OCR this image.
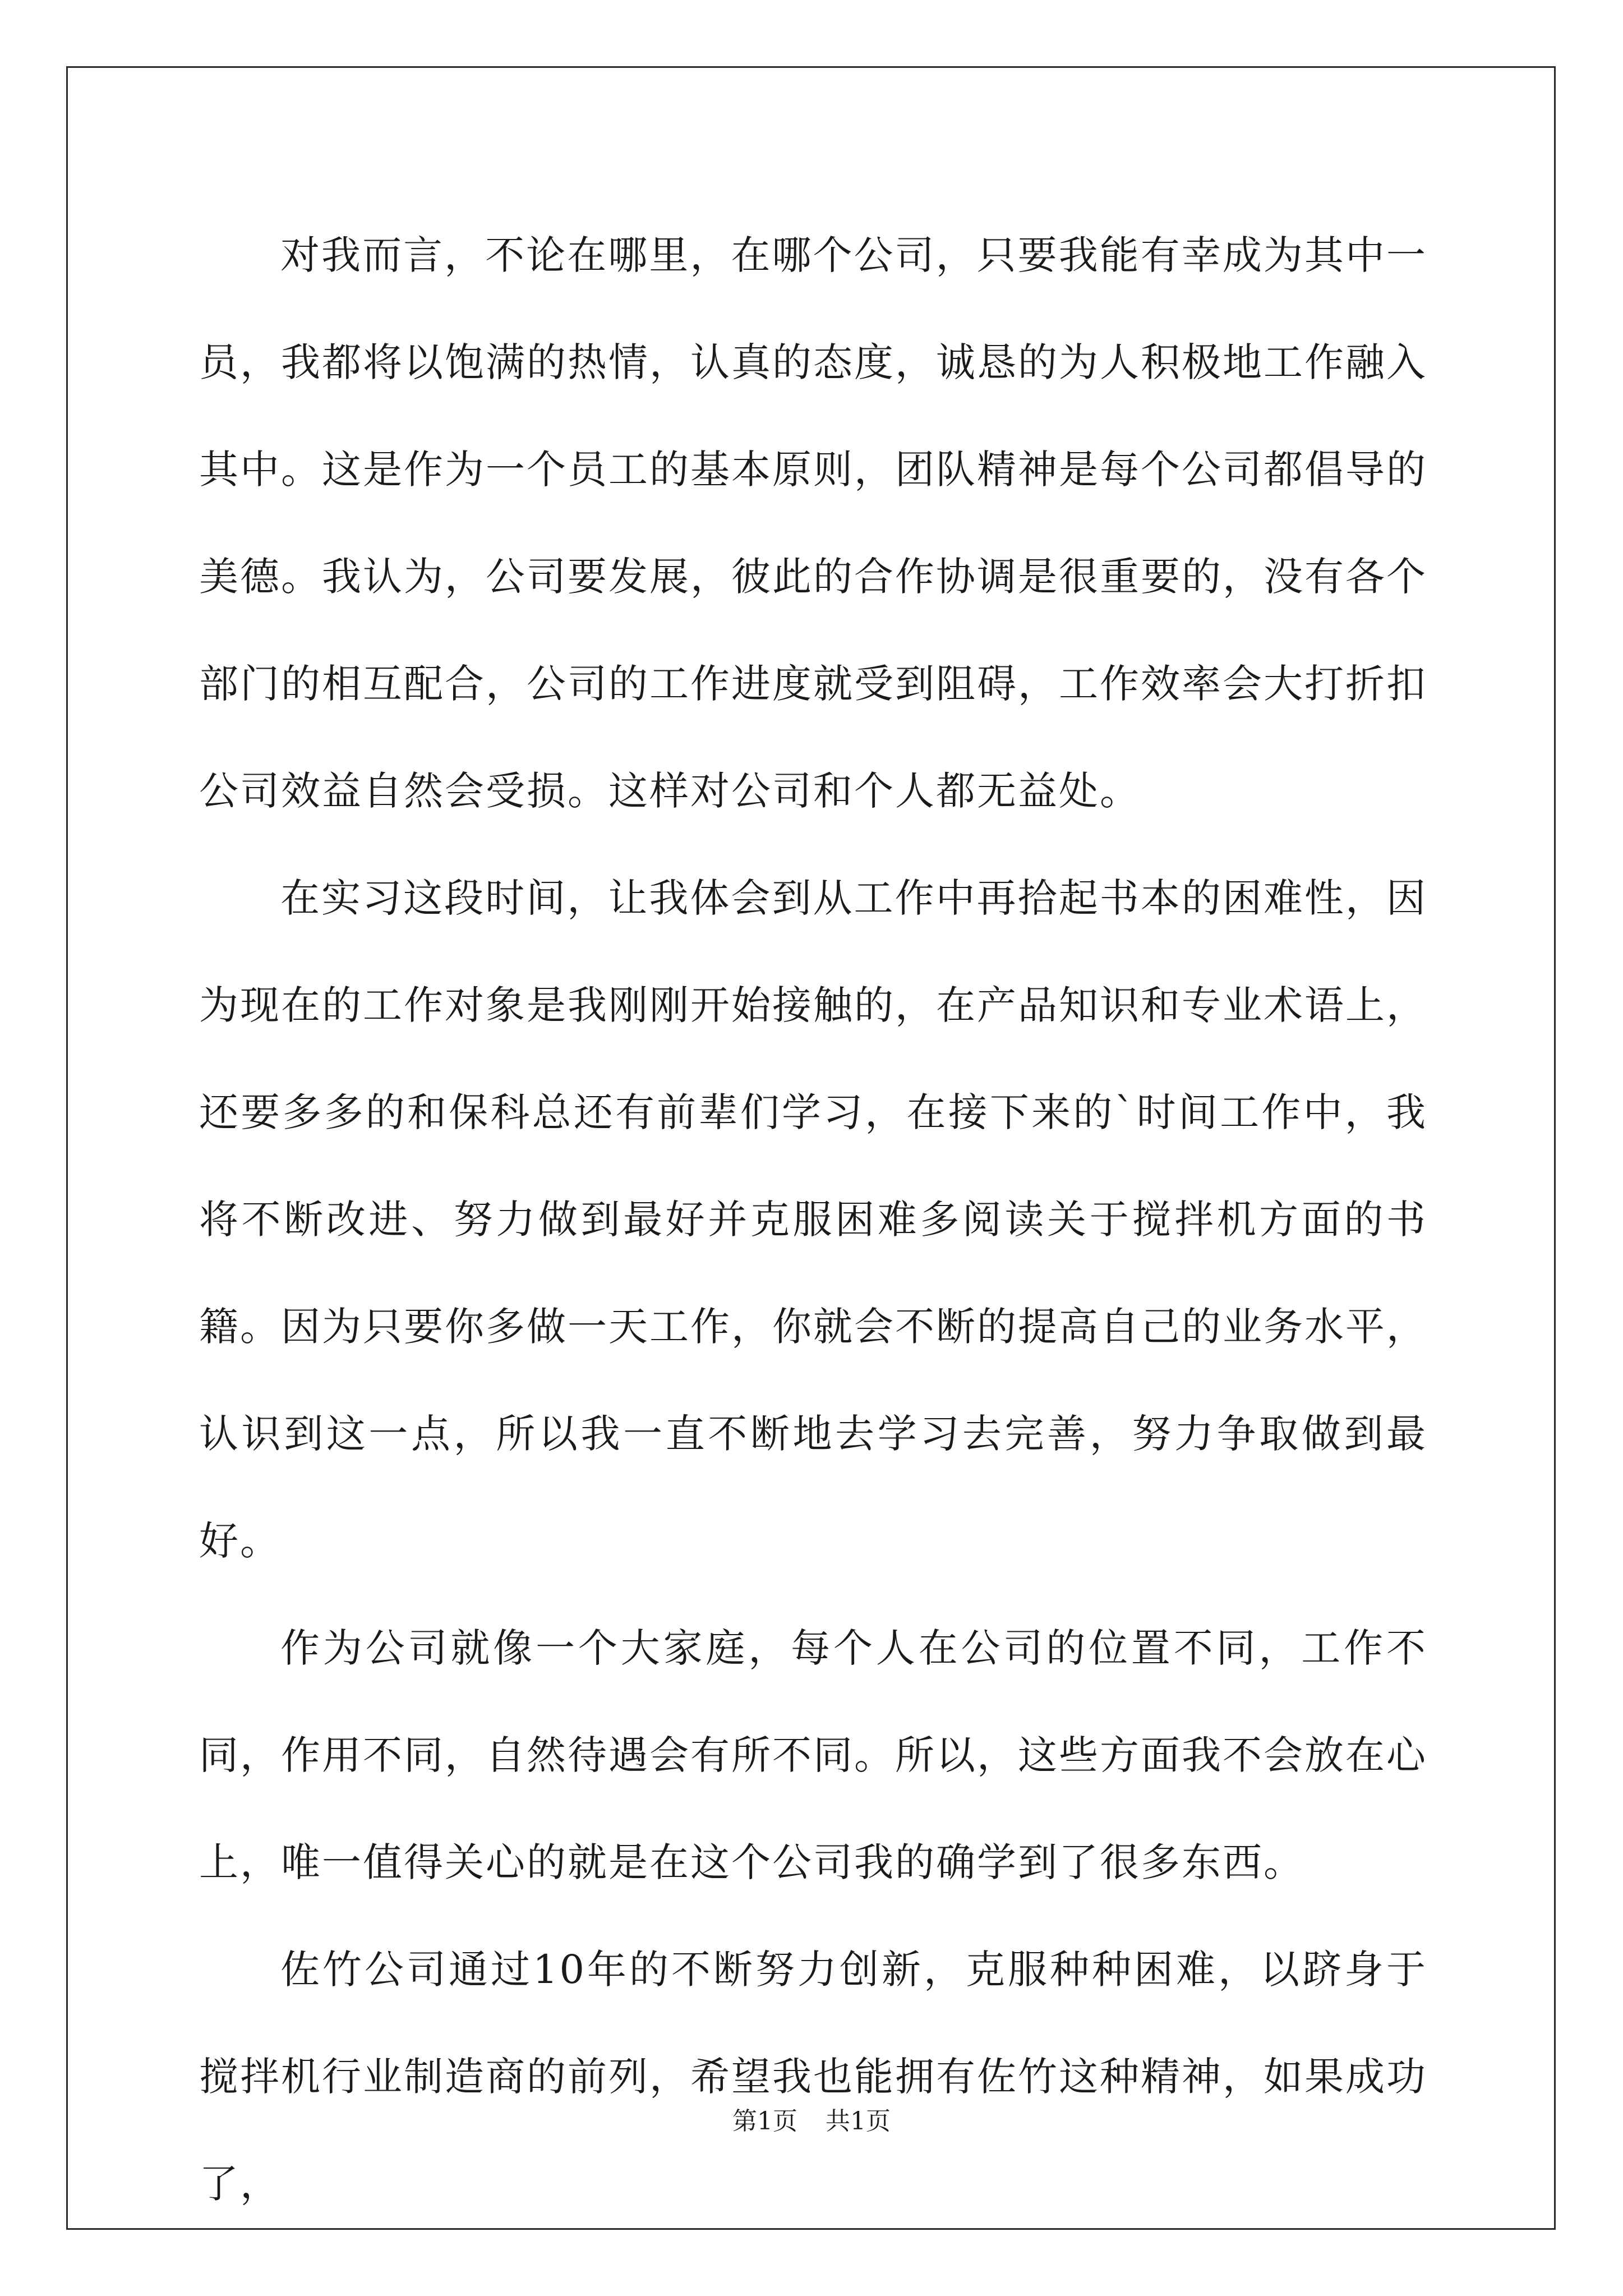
对我而言，不论在哪里，在哪个公司，只要我能有幸成为其中一员，我都将以饱满的热情，认真的态度，诚恳的为人积极地工作融入其中。这是作为一个员工的基本原则，团队精神是每个公司都倡导的美德。我认为，公司要发展，彼此的合作协调是很重要的，没有各个部门的相互配合，公司的工作进度就受到阻碍，工作效率会大打折扣公司效益自然会受损。这样对公司和个人都无益处。

在实习这段时间，让我体会到从工作中再拾起书本的困难性，因为现在的工作对象是我刚刚开始接触的，在产品知识和专业术语上，还要多多的和保科总还有前辈们学习，在接下来的`时间工作中，我将不断改进、努力做到最好并克服困难多阅读关于搅拌机方面的书籍。因为只要你多做一天工作，你就会不断的提高自己的业务水平，认识到这一点，所以我一直不断地去学习去完善，努力争取做到最好。

作为公司就像一个大家庭，每个人在公司的位置不同，工作不同，作用不同，自然待遇会有所不同。所以，这些方面我不会放在心上，唯一值得关心的就是在这个公司我的确学到了很多东西。

佐竹公司通过10年的不断努力创新，克服种种困难，以跻身于搅拌机行业制造商的前列，希望我也能拥有佐竹这种精神，如果成功了，

第1页 共1页
